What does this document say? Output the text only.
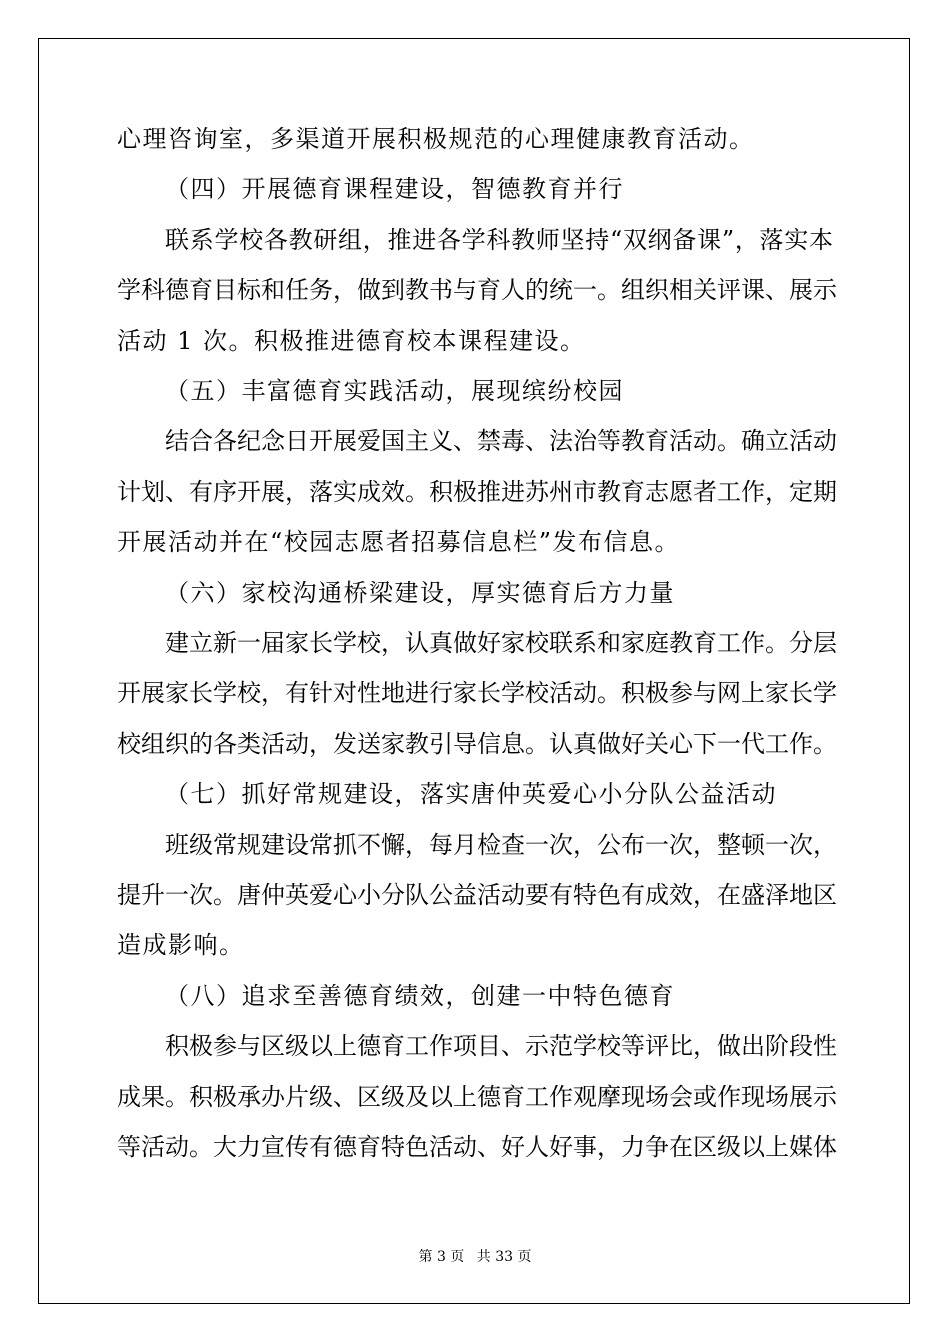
心理咨询室，多渠道开展积极规范的心理健康教育活动。
（四）开展德育课程建设，智德教育并行
联系学校各教研组，推进各学科教师坚持“双纲备课”，落实本
学科德育目标和任务，做到教书与育人的统一。组织相关评课、展示
活动 1 次。积极推进德育校本课程建设。
（五）丰富德育实践活动，展现缤纷校园
结合各纪念日开展爱国主义、禁毒、法治等教育活动。确立活动
计划、有序开展，落实成效。积极推进苏州市教育志愿者工作，定期
开展活动并在“校园志愿者招募信息栏”发布信息。
（六）家校沟通桥梁建设，厚实德育后方力量
建立新一届家长学校，认真做好家校联系和家庭教育工作。分层
开展家长学校，有针对性地进行家长学校活动。积极参与网上家长学
校组织的各类活动，发送家教引导信息。认真做好关心下一代工作。
（七）抓好常规建设，落实唐仲英爱心小分队公益活动
班级常规建设常抓不懈，每月检查一次，公布一次，整顿一次，
提升一次。唐仲英爱心小分队公益活动要有特色有成效，在盛泽地区
造成影响。
（八）追求至善德育绩效，创建一中特色德育
积极参与区级以上德育工作项目、示范学校等评比，做出阶段性
成果。积极承办片级、区级及以上德育工作观摩现场会或作现场展示
等活动。大力宣传有德育特色活动、好人好事，力争在区级以上媒体
第 3 页 共 33 页
